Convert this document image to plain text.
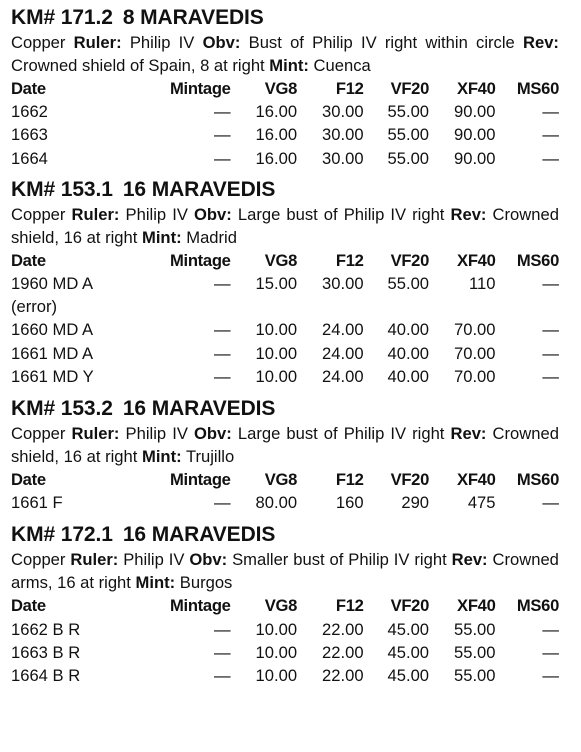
KM# 171.2 8 MARAVEDIS
Copper Ruler: Philip IV Obv: Bust of Philip IV right within circle Rev: Crowned shield of Spain, 8 at right Mint: Cuenca
Date	Mintage	VG8	F12	VF20	XF40	MS60
1662	—	16.00	30.00	55.00	90.00	—
1663	—	16.00	30.00	55.00	90.00	—
1664	—	16.00	30.00	55.00	90.00	—
KM# 153.1 16 MARAVEDIS
Copper Ruler: Philip IV Obv: Large bust of Philip IV right Rev: Crowned shield, 16 at right Mint: Madrid
Date	Mintage	VG8	F12	VF20	XF40	MS60
1960 MD A
(error)	—	15.00	30.00	55.00	110	—
1660 MD A	—	10.00	24.00	40.00	70.00	—
1661 MD A	—	10.00	24.00	40.00	70.00	—
1661 MD Y	—	10.00	24.00	40.00	70.00	—
KM# 153.2 16 MARAVEDIS
Copper Ruler: Philip IV Obv: Large bust of Philip IV right Rev: Crowned shield, 16 at right Mint: Trujillo
Date	Mintage	VG8	F12	VF20	XF40	MS60
1661 F	—	80.00	160	290	475	—
KM# 172.1 16 MARAVEDIS
Copper Ruler: Philip IV Obv: Smaller bust of Philip IV right Rev: Crowned arms, 16 at right Mint: Burgos
Date	Mintage	VG8	F12	VF20	XF40	MS60
1662 B R	—	10.00	22.00	45.00	55.00	—
1663 B R	—	10.00	22.00	45.00	55.00	—
1664 B R	—	10.00	22.00	45.00	55.00	—
